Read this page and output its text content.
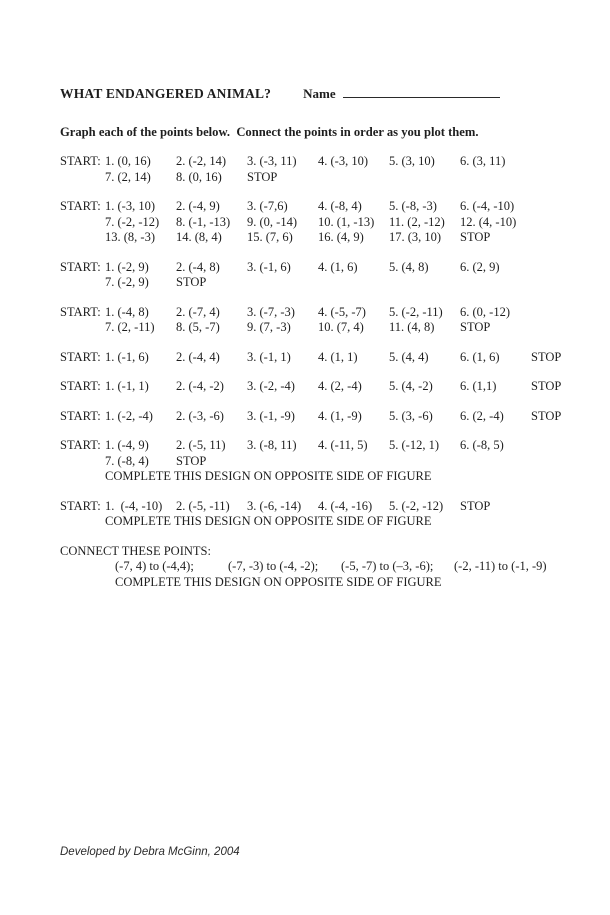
WHAT ENDANGERED ANIMAL? Name
Graph each of the points below.  Connect the points in order as you plot them.
START: 1. (0, 16)	2. (-2, 14)	3. (-3, 11)	4. (-3, 10)	5. (3, 10)	6. (3, 11)
7. (2, 14)	8. (0, 16)	STOP
START: 1. (-3, 10)	2. (-4, 9)	3. (-7,6)	4. (-8, 4)	5. (-8, -3)	6. (-4, -10)
7. (-2, -12)	8. (-1, -13)	9. (0, -14)	10. (1, -13)	11. (2, -12)	12. (4, -10)
13. (8, -3)	14. (8, 4)	15. (7, 6)	16. (4, 9)	17. (3, 10)	STOP
START: 1. (-2, 9)	2. (-4, 8)	3. (-1, 6)	4. (1, 6)	5. (4, 8)	6. (2, 9)
7. (-2, 9)	STOP
START: 1. (-4, 8)	2. (-7, 4)	3. (-7, -3)	4. (-5, -7)	5. (-2, -11)	6. (0, -12)
7. (2, -11)	8. (5, -7)	9. (7, -3)	10. (7, 4)	11. (4, 8)	STOP
START: 1. (-1, 6)	2. (-4, 4)	3. (-1, 1)	4. (1, 1)	5. (4, 4)	6. (1, 6)	STOP
START: 1. (-1, 1)	2. (-4, -2)	3. (-2, -4)	4. (2, -4)	5. (4, -2)	6. (1,1)	STOP
START: 1. (-2, -4)	2. (-3, -6)	3. (-1, -9)	4. (1, -9)	5. (3, -6)	6. (2, -4)	STOP
START: 1. (-4, 9)	2. (-5, 11)	3. (-8, 11)	4. (-11, 5)	5. (-12, 1)	6. (-8, 5)
7. (-8, 4)	STOP
COMPLETE THIS DESIGN ON OPPOSITE SIDE OF FIGURE
START: 1.  (-4, -10)	2. (-5, -11)	3. (-6, -14)	4. (-4, -16)	5. (-2, -12)	STOP
COMPLETE THIS DESIGN ON OPPOSITE SIDE OF FIGURE
CONNECT THESE POINTS:
(-7, 4) to (-4,4);	(-7, -3) to (-4, -2);	(-5, -7) to (–3, -6);	(-2, -11) to (-1, -9)
COMPLETE THIS DESIGN ON OPPOSITE SIDE OF FIGURE
Developed by Debra McGinn, 2004
